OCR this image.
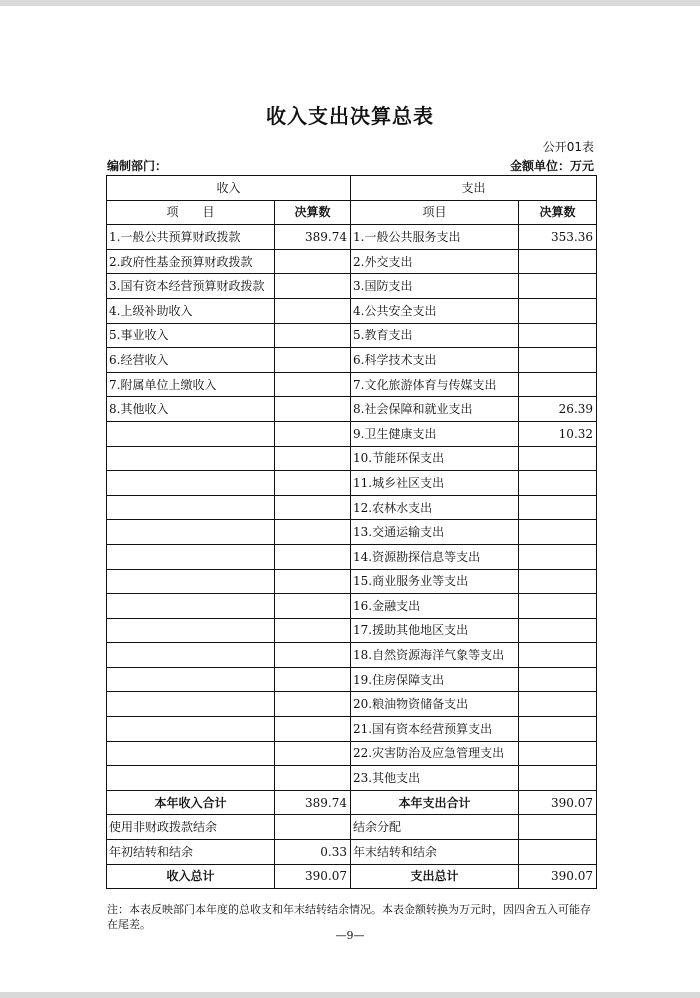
收入支出决算总表
公开01表
编制部门：	金额单位：万元
收入		支出	
项　　目	决算数	项目	决算数
1.一般公共预算财政拨款	389.74	1.一般公共服务支出	353.36
2.政府性基金预算财政拨款		2.外交支出	
3.国有资本经营预算财政拨款		3.国防支出	
4.上级补助收入		4.公共安全支出	
5.事业收入		5.教育支出	
6.经营收入		6.科学技术支出	
7.附属单位上缴收入		7.文化旅游体育与传媒支出	
8.其他收入		8.社会保障和就业支出	26.39
		9.卫生健康支出	10.32
		10.节能环保支出	
		11.城乡社区支出	
		12.农林水支出	
		13.交通运输支出	
		14.资源勘探信息等支出	
		15.商业服务业等支出	
		16.金融支出	
		17.援助其他地区支出	
		18.自然资源海洋气象等支出	
		19.住房保障支出	
		20.粮油物资储备支出	
		21.国有资本经营预算支出	
		22.灾害防治及应急管理支出	
		23.其他支出	
本年收入合计	389.74	本年支出合计	390.07
使用非财政拨款结余		结余分配	
年初结转和结余	0.33	年末结转和结余	
收入总计	390.07	支出总计	390.07
注：本表反映部门本年度的总收支和年末结转结余情况。本表金额转换为万元时，因四舍五入可能存在尾差。
—9—
